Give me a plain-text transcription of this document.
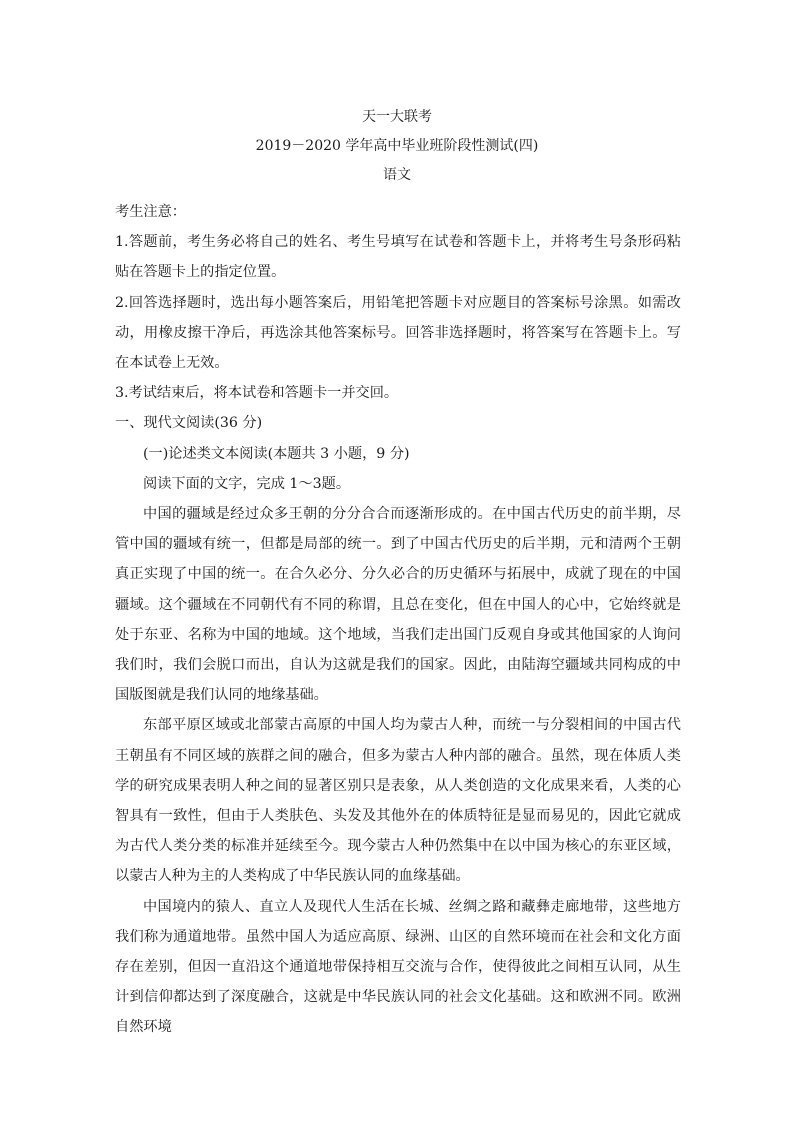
天一大联考
2019－2020 学年高中毕业班阶段性测试(四)
语文

考生注意：

1.答题前，考生务必将自己的姓名、考生号填写在试卷和答题卡上，并将考生号条形码粘贴在答题卡上的指定位置。

2.回答选择题时，选出每小题答案后，用铅笔把答题卡对应题目的答案标号涂黑。如需改动，用橡皮擦干净后，再选涂其他答案标号。回答非选择题时，将答案写在答题卡上。写在本试卷上无效。

3.考试结束后，将本试卷和答题卡一并交回。

一、现代文阅读(36 分)

(一)论述类文本阅读(本题共 3 小题，9 分)

阅读下面的文字，完成 1～3题。

中国的疆域是经过众多王朝的分分合合而逐渐形成的。在中国古代历史的前半期，尽管中国的疆域有统一，但都是局部的统一。到了中国古代历史的后半期，元和清两个王朝真正实现了中国的统一。在合久必分、分久必合的历史循环与拓展中，成就了现在的中国疆域。这个疆域在不同朝代有不同的称谓，且总在变化，但在中国人的心中，它始终就是处于东亚、名称为中国的地域。这个地域，当我们走出国门反观自身或其他国家的人询问我们时，我们会脱口而出，自认为这就是我们的国家。因此，由陆海空疆域共同构成的中国版图就是我们认同的地缘基础。

东部平原区域或北部蒙古高原的中国人均为蒙古人种，而统一与分裂相间的中国古代王朝虽有不同区域的族群之间的融合，但多为蒙古人种内部的融合。虽然，现在体质人类学的研究成果表明人种之间的显著区别只是表象，从人类创造的文化成果来看，人类的心智具有一致性，但由于人类肤色、头发及其他外在的体质特征是显而易见的，因此它就成为古代人类分类的标准并延续至今。现今蒙古人种仍然集中在以中国为核心的东亚区域，以蒙古人种为主的人类构成了中华民族认同的血缘基础。

中国境内的猿人、直立人及现代人生活在长城、丝绸之路和藏彝走廊地带，这些地方我们称为通道地带。虽然中国人为适应高原、绿洲、山区的自然环境而在社会和文化方面存在差别，但因一直沿这个通道地带保持相互交流与合作，使得彼此之间相互认同，从生计到信仰都达到了深度融合，这就是中华民族认同的社会文化基础。这和欧洲不同。欧洲自然环境
